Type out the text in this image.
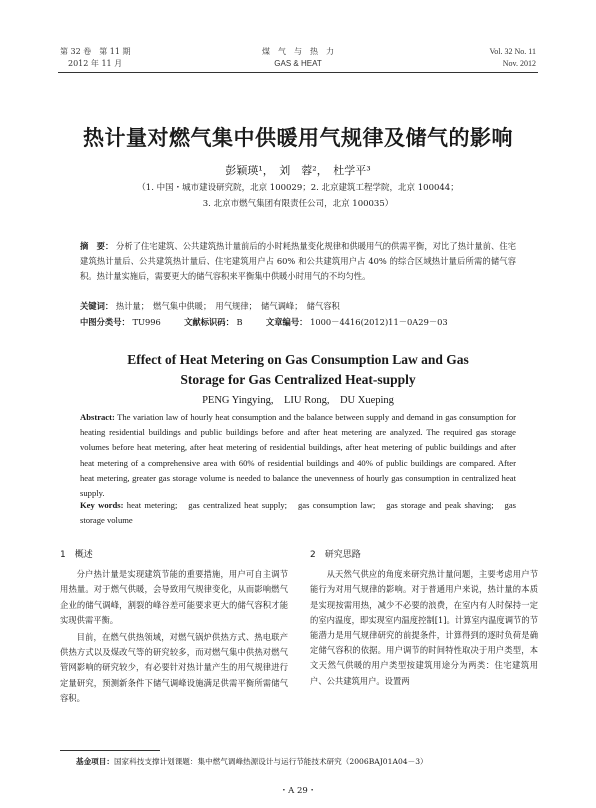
第 32 卷　第 11 期
2012 年 11 月
煤　气　与　热　力
GAS & HEAT
Vol. 32 No. 11
Nov. 2012
热计量对燃气集中供暖用气规律及储气的影响
彭颖瑛¹，　刘　蓉²，　杜学平³
（1. 中国・城市建设研究院，北京 100029；2. 北京建筑工程学院，北京 100044；
3. 北京市燃气集团有限责任公司，北京 100035）
摘　要： 分析了住宅建筑、公共建筑热计量前后的小时耗热量变化规律和供暖用气的供需平衡，对比了热计量前、住宅建筑热计量后、公共建筑热计量后、住宅建筑用户占 60% 和公共建筑用户占 40% 的综合区域热计量后所需的储气容积。热计量实施后，需要更大的储气容积来平衡集中供暖小时用气的不均匀性。
关键词： 热计量；　燃气集中供暖；　用气规律；　储气调峰；　储气容积
中图分类号： TU996	文献标识码： B	文章编号： 1000－4416(2012)11－0A29－03
Effect of Heat Metering on Gas Consumption Law and Gas Storage for Gas Centralized Heat-supply
PENG Yingying,　LIU Rong,　DU Xueping
Abstract: The variation law of hourly heat consumption and the balance between supply and demand in gas consumption for heating residential buildings and public buildings before and after heat metering are analyzed. The required gas storage volumes before heat metering, after heat metering of residential buildings, after heat metering of public buildings and after heat metering of a comprehensive area with 60% of residential buildings and 40% of public buildings are compared. After heat metering, greater gas storage volume is needed to balance the unevenness of hourly gas consumption in centralized heat supply.
Key words: heat metering;　gas centralized heat supply;　gas consumption law;　gas storage and peak shaving;　gas storage volume
1　概述

分户热计量是实现建筑节能的重要措施，用户可自主调节用热量。对于燃气供暖，会导致用气规律变化，从而影响燃气企业的储气调峰，割裂的峰谷差可能要求更大的储气容积才能实现供需平衡。

目前，在燃气供热领域，对燃气锅炉供热方式、热电联产供热方式以及煤改气等的研究较多，而对燃气集中供热对燃气管网影响的研究较少，有必要针对热计量产生的用气规律进行定量研究，预测新条件下储气调峰设施满足供需平衡所需储气容积。

2　研究思路

从天然气供应的角度来研究热计量问题，主要考虑用户节能行为对用气规律的影响。对于普通用户来说，热计量的本质是实现按需用热，减少不必要的浪费，在室内有人时保持一定的室内温度，即实现室内温度控制[1]。计算室内温度调节的节能潜力是用气规律研究的前提条件，计算得到的逐时负荷是确定储气容积的依据。用户调节的时间特性取决于用户类型，本文天然气供暖的用户类型按建筑用途分为两类：住宅建筑用户、公共建筑用户。设置两

基金项目：国家科技支撑计划课题：集中燃气调峰热源设计与运行节能技术研究（2006BAJ01A04－3）
・A 29・
